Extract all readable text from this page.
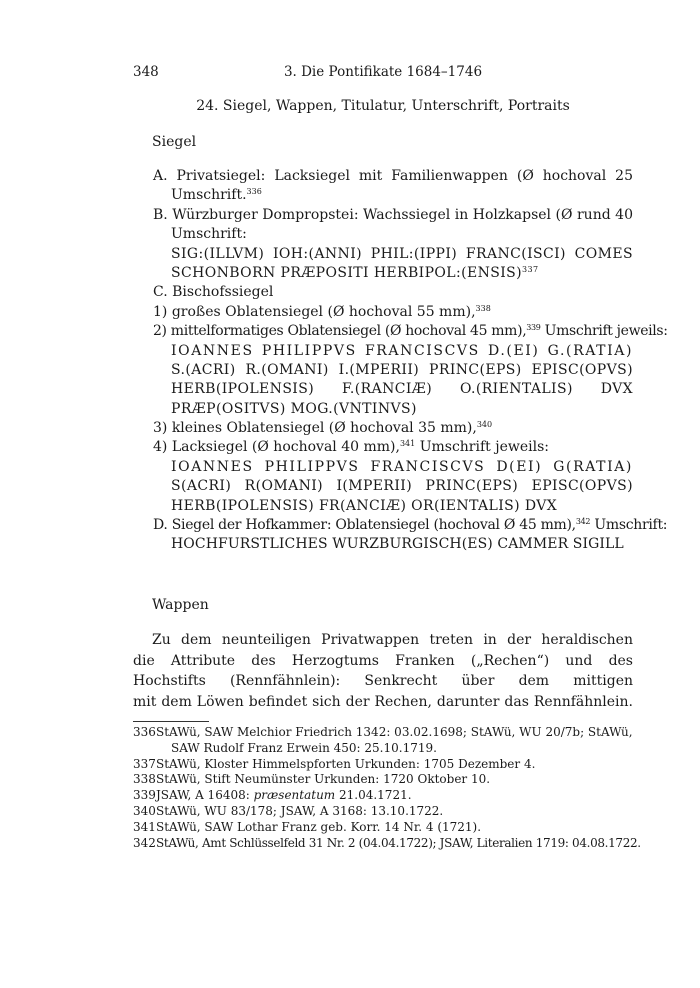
348	3. Die Pontifikate 1684–1746
24. Siegel, Wappen, Titulatur, Unterschrift, Portraits
Siegel
A. Privatsiegel: Lacksiegel mit Familienwappen (Ø hochoval 25
Umschrift.$^{336}$
B. Würzburger Dompropstei: Wachssiegel in Holzkapsel (Ø rund 40
Umschrift:
SIG:(ILLVM) IOH:(ANNI) PHIL:(IPPI) FRANC(ISCI) COMES
SCHONBORN PRÆPOSITI HERBIPOL:(ENSIS)$^{337}$
C. Bischofssiegel
1) großes Oblatensiegel (Ø hochoval 55 mm),$^{338}$
2) mittelformatiges Oblatensiegel (Ø hochoval 45 mm),$^{339}$ Umschrift jeweils:
IOANNES PHILIPPVS FRANCISCVS D.(EI) G.(RATIA)
S.(ACRI) R.(OMANI) I.(MPERII) PRINC(EPS) EPISC(OPVS)
HERB(IPOLENSIS) F.(RANCIÆ) O.(RIENTALIS) DVX
PRÆP(OSITVS) MOG.(VNTINVS)
3) kleines Oblatensiegel (Ø hochoval 35 mm),$^{340}$
4) Lacksiegel (Ø hochoval 40 mm),$^{341}$ Umschrift jeweils:
IOANNES PHILIPPVS FRANCISCVS D(EI) G(RATIA)
S(ACRI) R(OMANI) I(MPERII) PRINC(EPS) EPISC(OPVS)
HERB(IPOLENSIS) FR(ANCIÆ) OR(IENTALIS) DVX
D. Siegel der Hofkammer: Oblatensiegel (hochoval Ø 45 mm),$^{342}$ Umschrift:
HOCHFURSTLICHES WURZBURGISCH(ES) CAMMER SIGILL
Wappen
Zu dem neunteiligen Privatwappen treten in der heraldischen
die Attribute des Herzogtums Franken („Rechen“) und des
Hochstifts (Rennfähnlein): Senkrecht über dem mittigen
mit dem Löwen befindet sich der Rechen, darunter das Rennfähnlein.
336 StAWü, SAW Melchior Friedrich 1342: 03.02.1698; StAWü, WU 20/7b; StAWü,
SAW Rudolf Franz Erwein 450: 25.10.1719.
337 StAWü, Kloster Himmelspforten Urkunden: 1705 Dezember 4.
338 StAWü, Stift Neumünster Urkunden: 1720 Oktober 10.
339 JSAW, A 16408: præsentatum 21.04.1721.
340 StAWü, WU 83/178; JSAW, A 3168: 13.10.1722.
341 StAWü, SAW Lothar Franz geb. Korr. 14 Nr. 4 (1721).
342 StAWü, Amt Schlüsselfeld 31 Nr. 2 (04.04.1722); JSAW, Literalien 1719: 04.08.1722.
